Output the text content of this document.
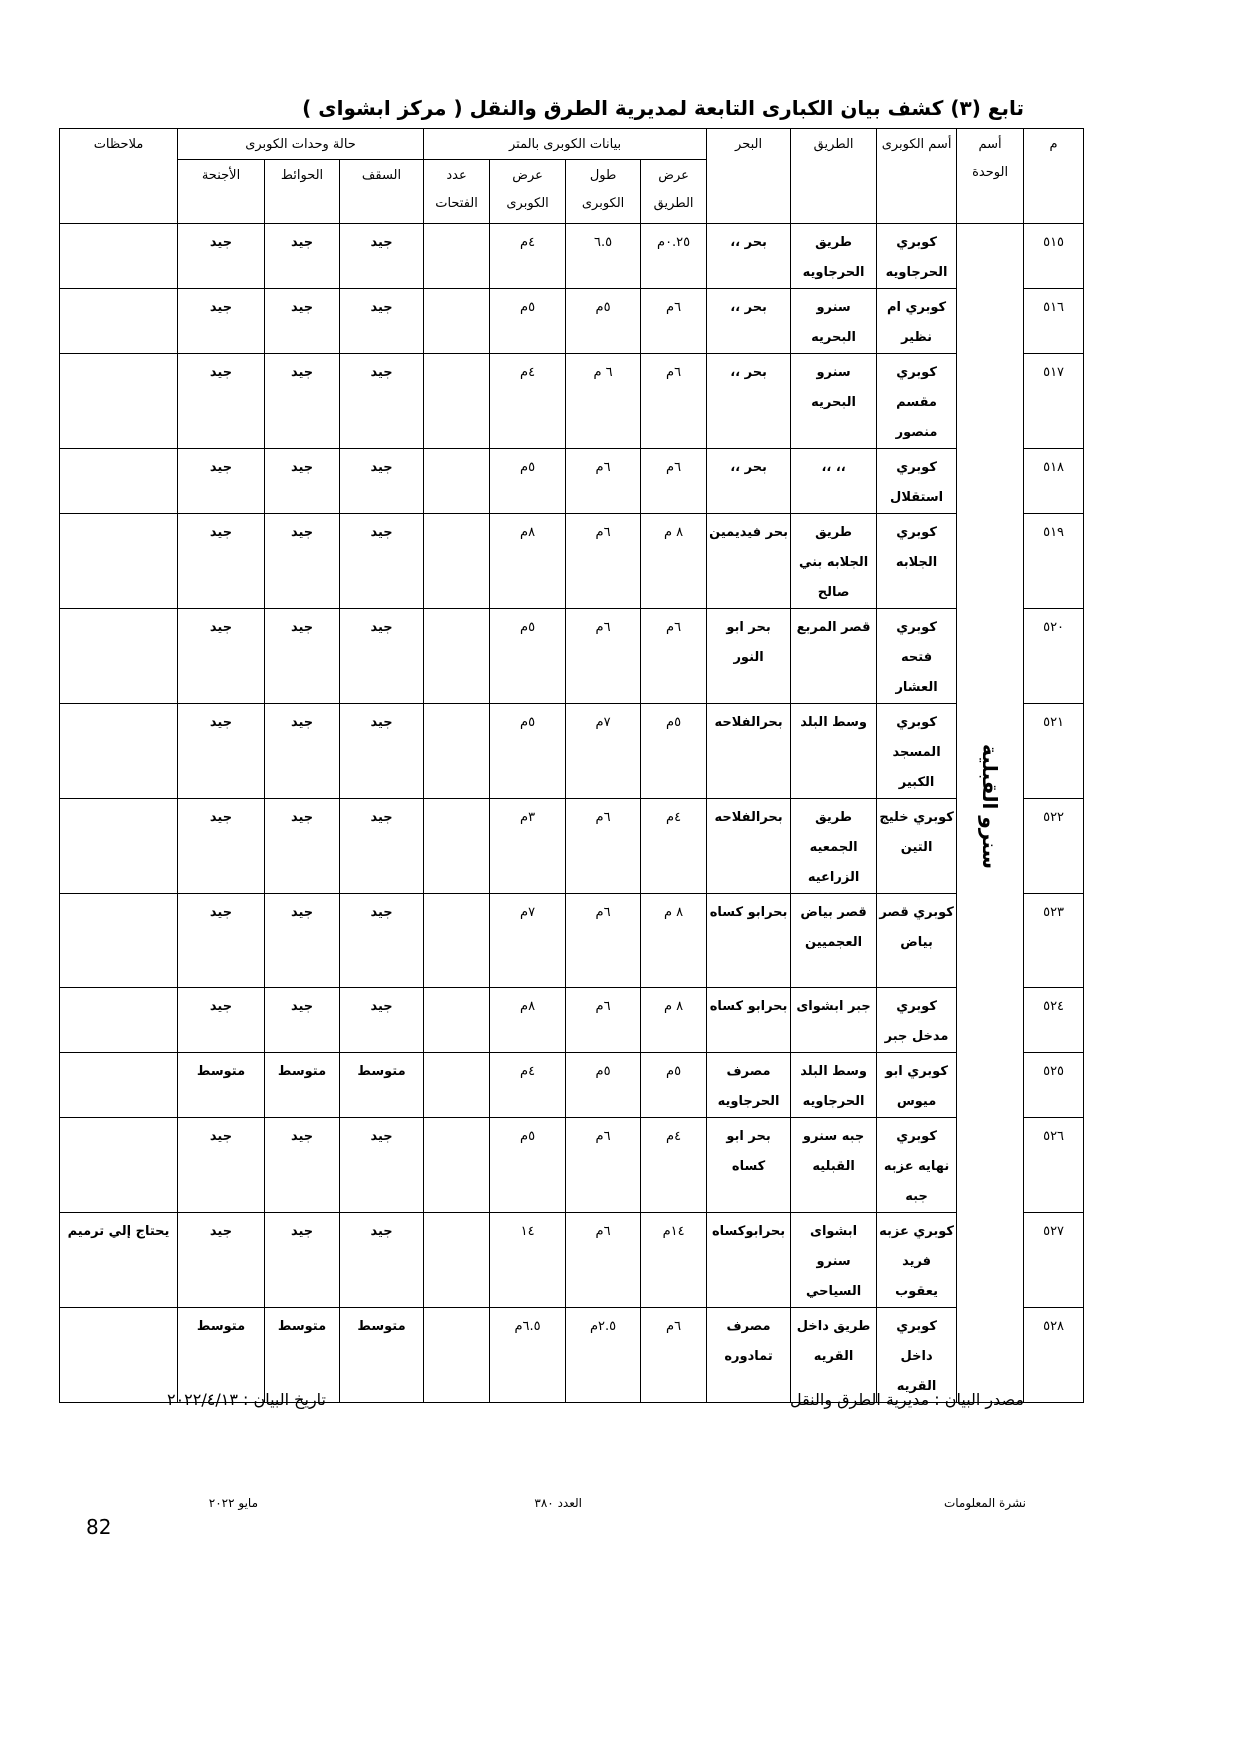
تابع (٣) كشف بيان الكبارى التابعة لمديرية الطرق والنقل ( مركز ابشواى )
م	أسم الوحدة	أسم الكوبرى	الطريق	البحر	بيانات الكوبرى بالمتر				حالة وحدات الكوبرى			ملاحظات
					عرض الطريق	طول الكوبرى	عرض الكوبرى	عدد الفتحات	السقف	الحوائط	الأجنحة	

٥١٥	سنرو القبلية	كوبري الحرجاويه	طريق الحرجاويه	بحر ،،	٠.٢٥م	٦.٥	٤م		جيد	جيد	جيد	
٥١٦		كوبري ام نظير	سنرو البحريه	بحر ،،	٦م	٥م	٥م		جيد	جيد	جيد	
٥١٧		كوبري مقسم منصور	سنرو البحريه	بحر ،،	٦م	٦ م	٤م		جيد	جيد	جيد	
٥١٨		كوبري استقلال	،، ،،	بحر ،،	٦م	٦م	٥م		جيد	جيد	جيد	
٥١٩		كوبري الجلابه	طريق الجلابه بني صالح	بحر فيديمين	٨ م	٦م	٨م		جيد	جيد	جيد	
٥٢٠		كوبري فتحه العشار	قصر المربع	بحر ابو النور	٦م	٦م	٥م		جيد	جيد	جيد	
٥٢١		كوبري المسجد الكبير	وسط البلد	بحرالفلاحه	٥م	٧م	٥م		جيد	جيد	جيد	
٥٢٢		كوبري خليج التين	طريق الجمعيه الزراعيه	بحرالفلاحه	٤م	٦م	٣م		جيد	جيد	جيد	
٥٢٣		كوبري قصر بياض	قصر بياض العجميين	بحرابو كساه	٨ م	٦م	٧م		جيد	جيد	جيد	
٥٢٤		كوبري مدخل جبر	جبر ابشواى	بحرابو كساه	٨ م	٦م	٨م		جيد	جيد	جيد	
٥٢٥		كوبري ابو ميوس	وسط البلد الحرجاويه	مصرف الحرجاويه	٥م	٥م	٤م		متوسط	متوسط	متوسط	
٥٢٦		كوبري نهايه عزبه جبه	جبه سنرو القبليه	بحر ابو كساه	٤م	٦م	٥م		جيد	جيد	جيد	
٥٢٧		كوبري عزبه فريد يعقوب	ابشواى سنرو السياحي	بحرابوكساه	١٤م	٦م	١٤		جيد	جيد	جيد	يحتاج إلي ترميم
٥٢٨		كوبري داخل القريه	طريق داخل القريه	مصرف تمادوره	٦م	٢.٥م	٦.٥م		متوسط	متوسط	متوسط	
مصدر البيان : مديرية الطرق والنقل
تاريخ البيان : ٢٠٢٢/٤/١٣
نشرة المعلومات
العدد ٣٨٠
مايو ٢٠٢٢
82
